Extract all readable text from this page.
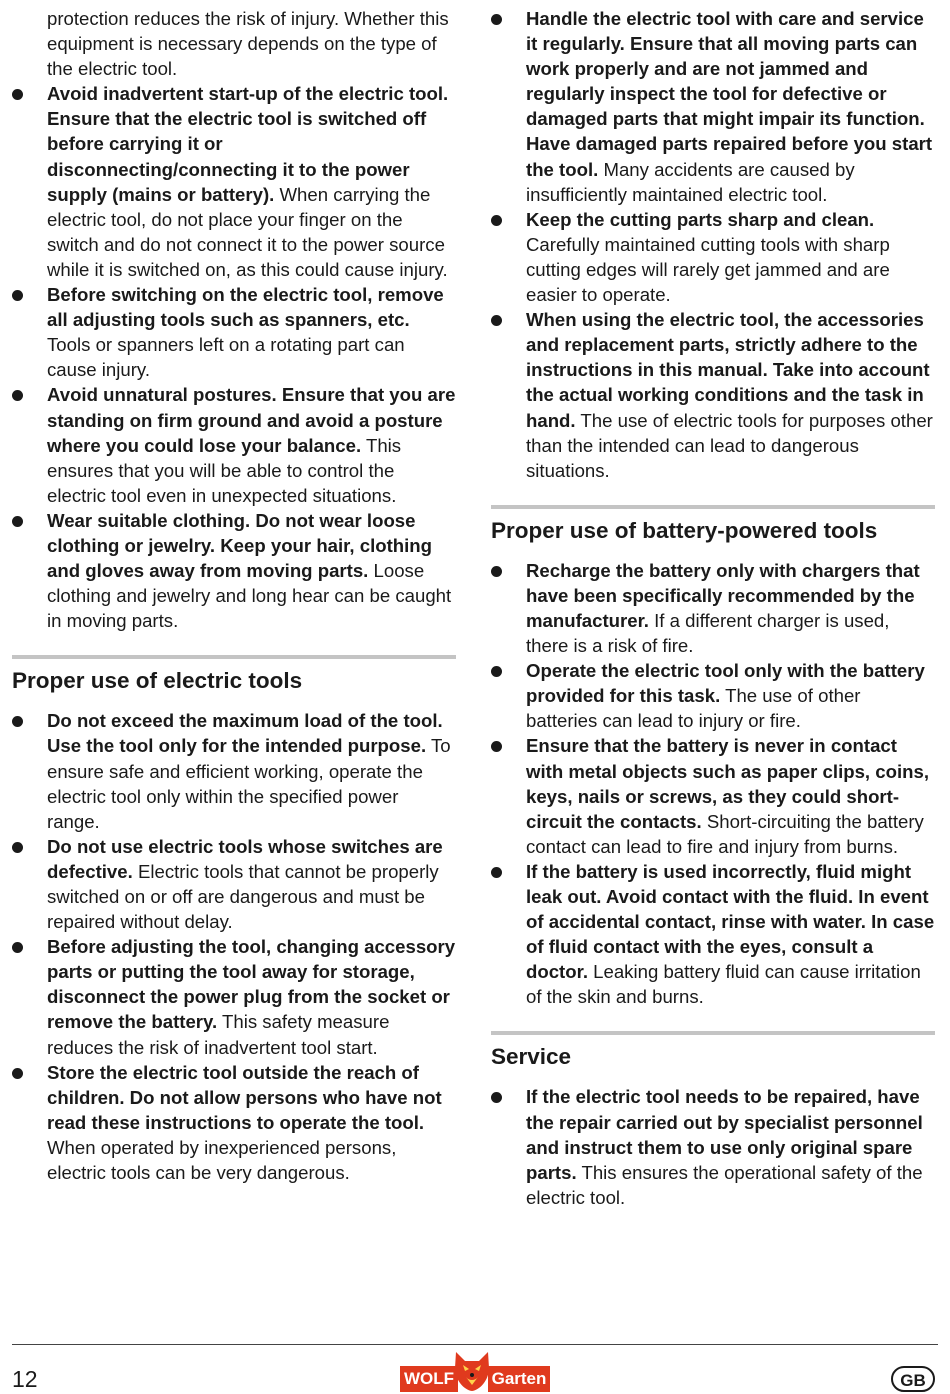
protection reduces the risk of injury. Whether this equipment is necessary depends on the type of the electric tool.
Avoid inadvertent start-up of the electric tool. Ensure that the electric tool is switched off before carrying it or disconnecting/connecting it to the power supply (mains or battery). When carrying the electric tool, do not place your finger on the switch and do not connect it to the power source while it is switched on, as this could cause injury.
Before switching on the electric tool, remove all adjusting tools such as spanners, etc. Tools or spanners left on a rotating part can cause injury.
Avoid unnatural postures. Ensure that you are standing on firm ground and avoid a posture where you could lose your balance. This ensures that you will be able to control the electric tool even in unexpected situations.
Wear suitable clothing. Do not wear loose clothing or jewelry. Keep your hair, clothing and gloves away from moving parts. Loose clothing and jewelry and long hear can be caught in moving parts.
Proper use of electric tools
Do not exceed the maximum load of the tool. Use the tool only for the intended purpose. To ensure safe and efficient working, operate the electric tool only within the specified power range.
Do not use electric tools whose switches are defective. Electric tools that cannot be properly switched on or off are dangerous and must be repaired without delay.
Before adjusting the tool, changing accessory parts or putting the tool away for storage, disconnect the power plug from the socket or remove the battery. This safety measure reduces the risk of inadvertent tool start.
Store the electric tool outside the reach of children. Do not allow persons who have not read these instructions to operate the tool. When operated by inexperienced persons, electric tools can be very dangerous.
Handle the electric tool with care and service it regularly. Ensure that all moving parts can work properly and are not jammed and regularly inspect the tool for defective or damaged parts that might impair its function. Have damaged parts repaired before you start the tool. Many accidents are caused by insufficiently maintained electric tool.
Keep the cutting parts sharp and clean. Carefully maintained cutting tools with sharp cutting edges will rarely get jammed and are easier to operate.
When using the electric tool, the accessories and replacement parts, strictly adhere to the instructions in this manual. Take into account the actual working conditions and the task in hand. The use of electric tools for purposes other than the intended can lead to dangerous situations.
Proper use of battery-powered tools
Recharge the battery only with chargers that have been specifically recommended by the manufacturer. If a different charger is used, there is a risk of fire.
Operate the electric tool only with the battery provided for this task. The use of other batteries can lead to injury or fire.
Ensure that the battery is never in contact with metal objects such as paper clips, coins, keys, nails or screws, as they could short-circuit the contacts. Short-circuiting the battery contact can lead to fire and injury from burns.
If the battery is used incorrectly, fluid might leak out. Avoid contact with the fluid. In event of accidental contact, rinse with water. In case of fluid contact with the eyes, consult a doctor. Leaking battery fluid can cause irritation of the skin and burns.
Service
If the electric tool needs to be repaired, have the repair carried out by specialist personnel and instruct them to use only original spare parts. This ensures the operational safety of the electric tool.
12	WOLF Garten	GB
